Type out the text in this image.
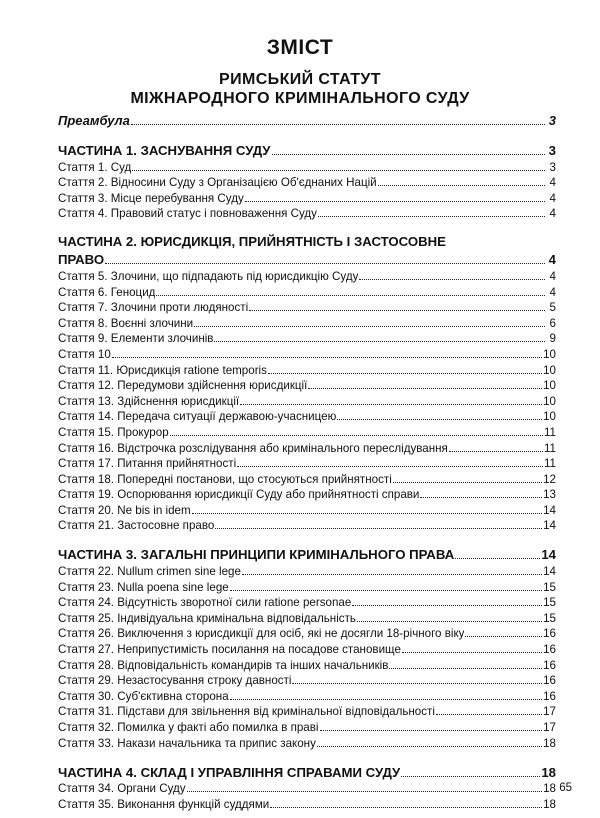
ЗМІСТ
РИМСЬКИЙ СТАТУТ
МІЖНАРОДНОГО КРИМІНАЛЬНОГО СУДУ
Преамбула	3
ЧАСТИНА 1. ЗАСНУВАННЯ СУДУ	3
Стаття 1. Суд	3
Стаття 2. Відносини Суду з Організацією Об'єднаних Націй	4
Стаття 3. Місце перебування Суду	4
Стаття 4. Правовий статус і повноваження Суду	4
ЧАСТИНА 2. ЮРИСДИКЦІЯ, ПРИЙНЯТНІСТЬ І ЗАСТОСОВНЕ
ПРАВО	4
Стаття 5. Злочини, що підпадають під юрисдикцію Суду	4
Стаття 6. Геноцид	4
Стаття 7. Злочини проти людяності	5
Стаття 8. Воєнні злочини	6
Стаття 9. Елементи злочинів	9
Стаття 10	10
Стаття 11. Юрисдикція ratione temporis	10
Стаття 12. Передумови здійснення юрисдикції	10
Стаття 13. Здійснення юрисдикції	10
Стаття 14. Передача ситуації державою-учасницею	10
Стаття 15. Прокурор	11
Стаття 16. Відстрочка розслідування або кримінального переслідування	11
Стаття 17. Питання прийнятності	11
Стаття 18. Попередні постанови, що стосуються прийнятності	12
Стаття 19. Оспорювання юрисдикції Суду або прийнятності справи	13
Стаття 20. Ne bis in idem	14
Стаття 21. Застосовне право	14
ЧАСТИНА 3. ЗАГАЛЬНІ ПРИНЦИПИ КРИМІНАЛЬНОГО ПРАВА	14
Стаття 22. Nullum crimen sine lege	14
Стаття 23. Nulla poena sine lege	15
Стаття 24. Відсутність зворотної сили ratione personae	15
Стаття 25. Індивідуальна кримінальна відповідальність	15
Стаття 26. Виключення з юрисдикції для осіб, які не досягли 18-річного віку	16
Стаття 27. Неприпустимість посилання на посадове становище	16
Стаття 28. Відповідальність командирів та інших начальників	16
Стаття 29. Незастосування строку давності	16
Стаття 30. Суб'єктивна сторона	16
Стаття 31. Підстави для звільнення від кримінальної відповідальності	17
Стаття 32. Помилка у факті або помилка в праві	17
Стаття 33. Накази начальника та припис закону	18
ЧАСТИНА 4. СКЛАД І УПРАВЛІННЯ СПРАВАМИ СУДУ	18
Стаття 34. Органи Суду	18
Стаття 35. Виконання функцій суддями	18
65
